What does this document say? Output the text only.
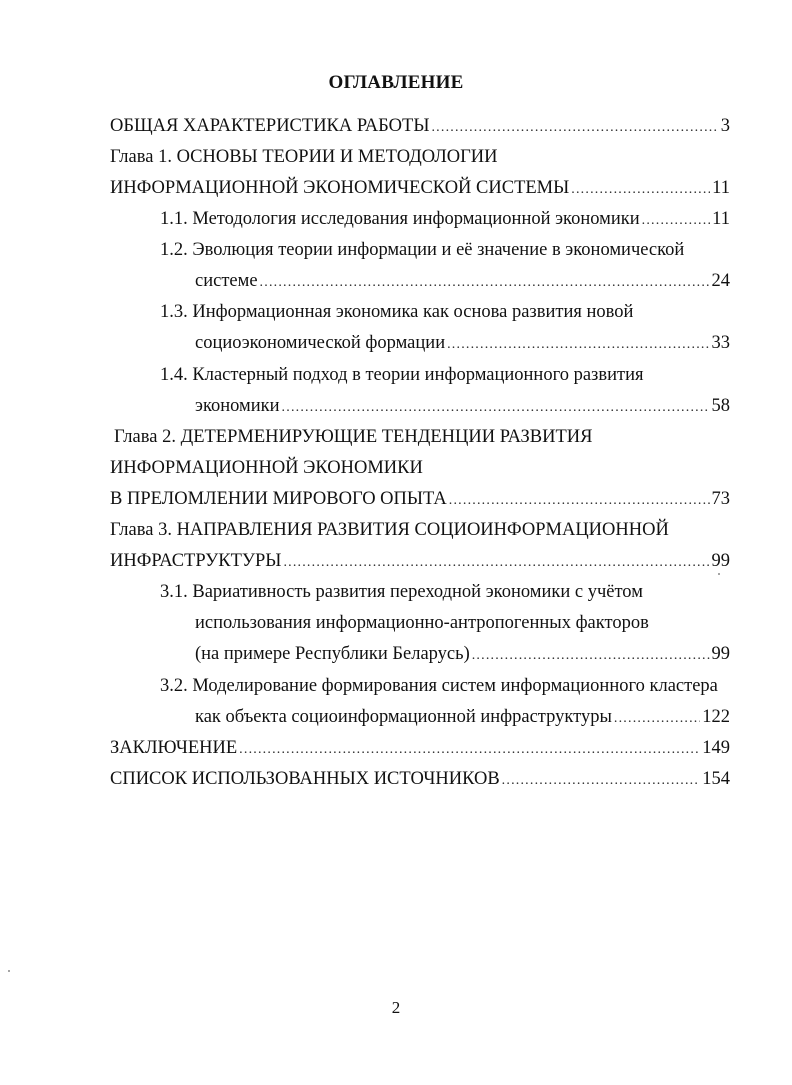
ОГЛАВЛЕНИЕ
ОБЩАЯ ХАРАКТЕРИСТИКА РАБОТЫ .....	3
Глава 1. ОСНОВЫ ТЕОРИИ И МЕТОДОЛОГИИ
ИНФОРМАЦИОННОЙ ЭКОНОМИЧЕСКОЙ СИСТЕМЫ .....	11
1.1. Методология исследования информационной экономики .....	11
1.2. Эволюция теории информации и её значение в экономической
системе .....	24
1.3. Информационная экономика как основа развития новой
социоэкономической формации .....	33
1.4. Кластерный подход в теории информационного развития
экономики .....	58
Глава 2. ДЕТЕРМЕНИРУЮЩИЕ ТЕНДЕНЦИИ РАЗВИТИЯ
ИНФОРМАЦИОННОЙ ЭКОНОМИКИ
В ПРЕЛОМЛЕНИИ МИРОВОГО ОПЫТА .....	73
Глава 3. НАПРАВЛЕНИЯ РАЗВИТИЯ СОЦИОИНФОРМАЦИОННОЙ
ИНФРАСТРУКТУРЫ .....	99
3.1. Вариативность развития переходной экономики с учётом
использования информационно-антропогенных факторов
(на примере Республики Беларусь) .....	99
3.2. Моделирование формирования систем информационного кластера
как объекта социоинформационной инфраструктуры .....	122
ЗАКЛЮЧЕНИЕ .....	149
СПИСОК ИСПОЛЬЗОВАННЫХ ИСТОЧНИКОВ .....	154
2
